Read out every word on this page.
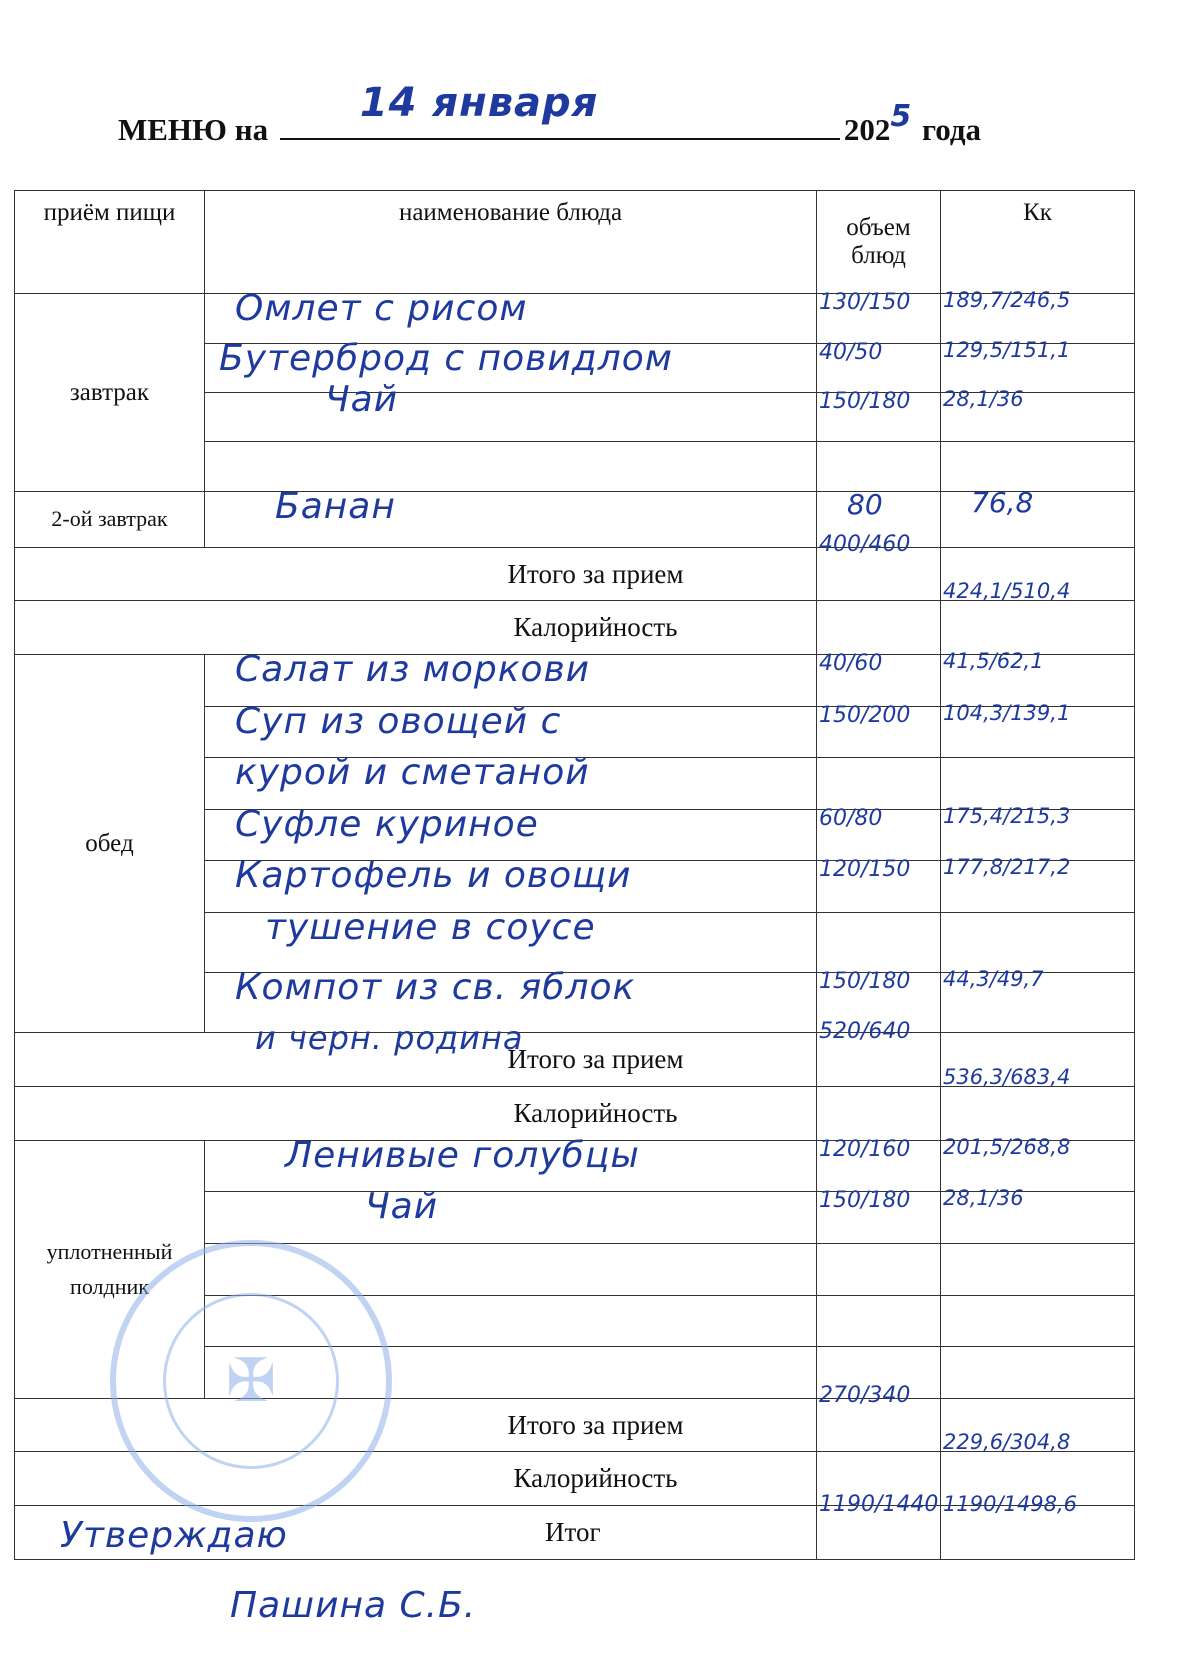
МЕНЮ на
14 января
2025 года
приём пищи	наименование блюда	объем блюд	Кк
завтрак	Омлет с рисом	130/150	189,7/246,5

	Бутерброд с повидлом	40/50	129,5/151,1

	Чай	150/180	28,1/36

2-ой завтрак	Банан	80	76,8

Итого за прием		400/460	

Калорийность			424,1/510,4

обед	Салат из моркови	40/60	41,5/62,1

	Суп из овощей с	150/200	104,3/139,1

	курой и сметаной		

	Суфле куриное	60/80	175,4/215,3

	Картофель и овощи	120/150	177,8/217,2

	тушение в соусе		

	Компот из св. яблок	150/180	44,3/49,7

и черн. родина
Итого за прием		520/640	

Калорийность			536,3/683,4

уплотненный полдник	Ленивые голубцы	120/160	201,5/268,8

	Чай	150/180	28,1/36

Итого за прием		270/340	

Калорийность			229,6/304,8

Итог		1190/1440	1190/1498,6
✠
Утверждаю
Пашина С.Б.
